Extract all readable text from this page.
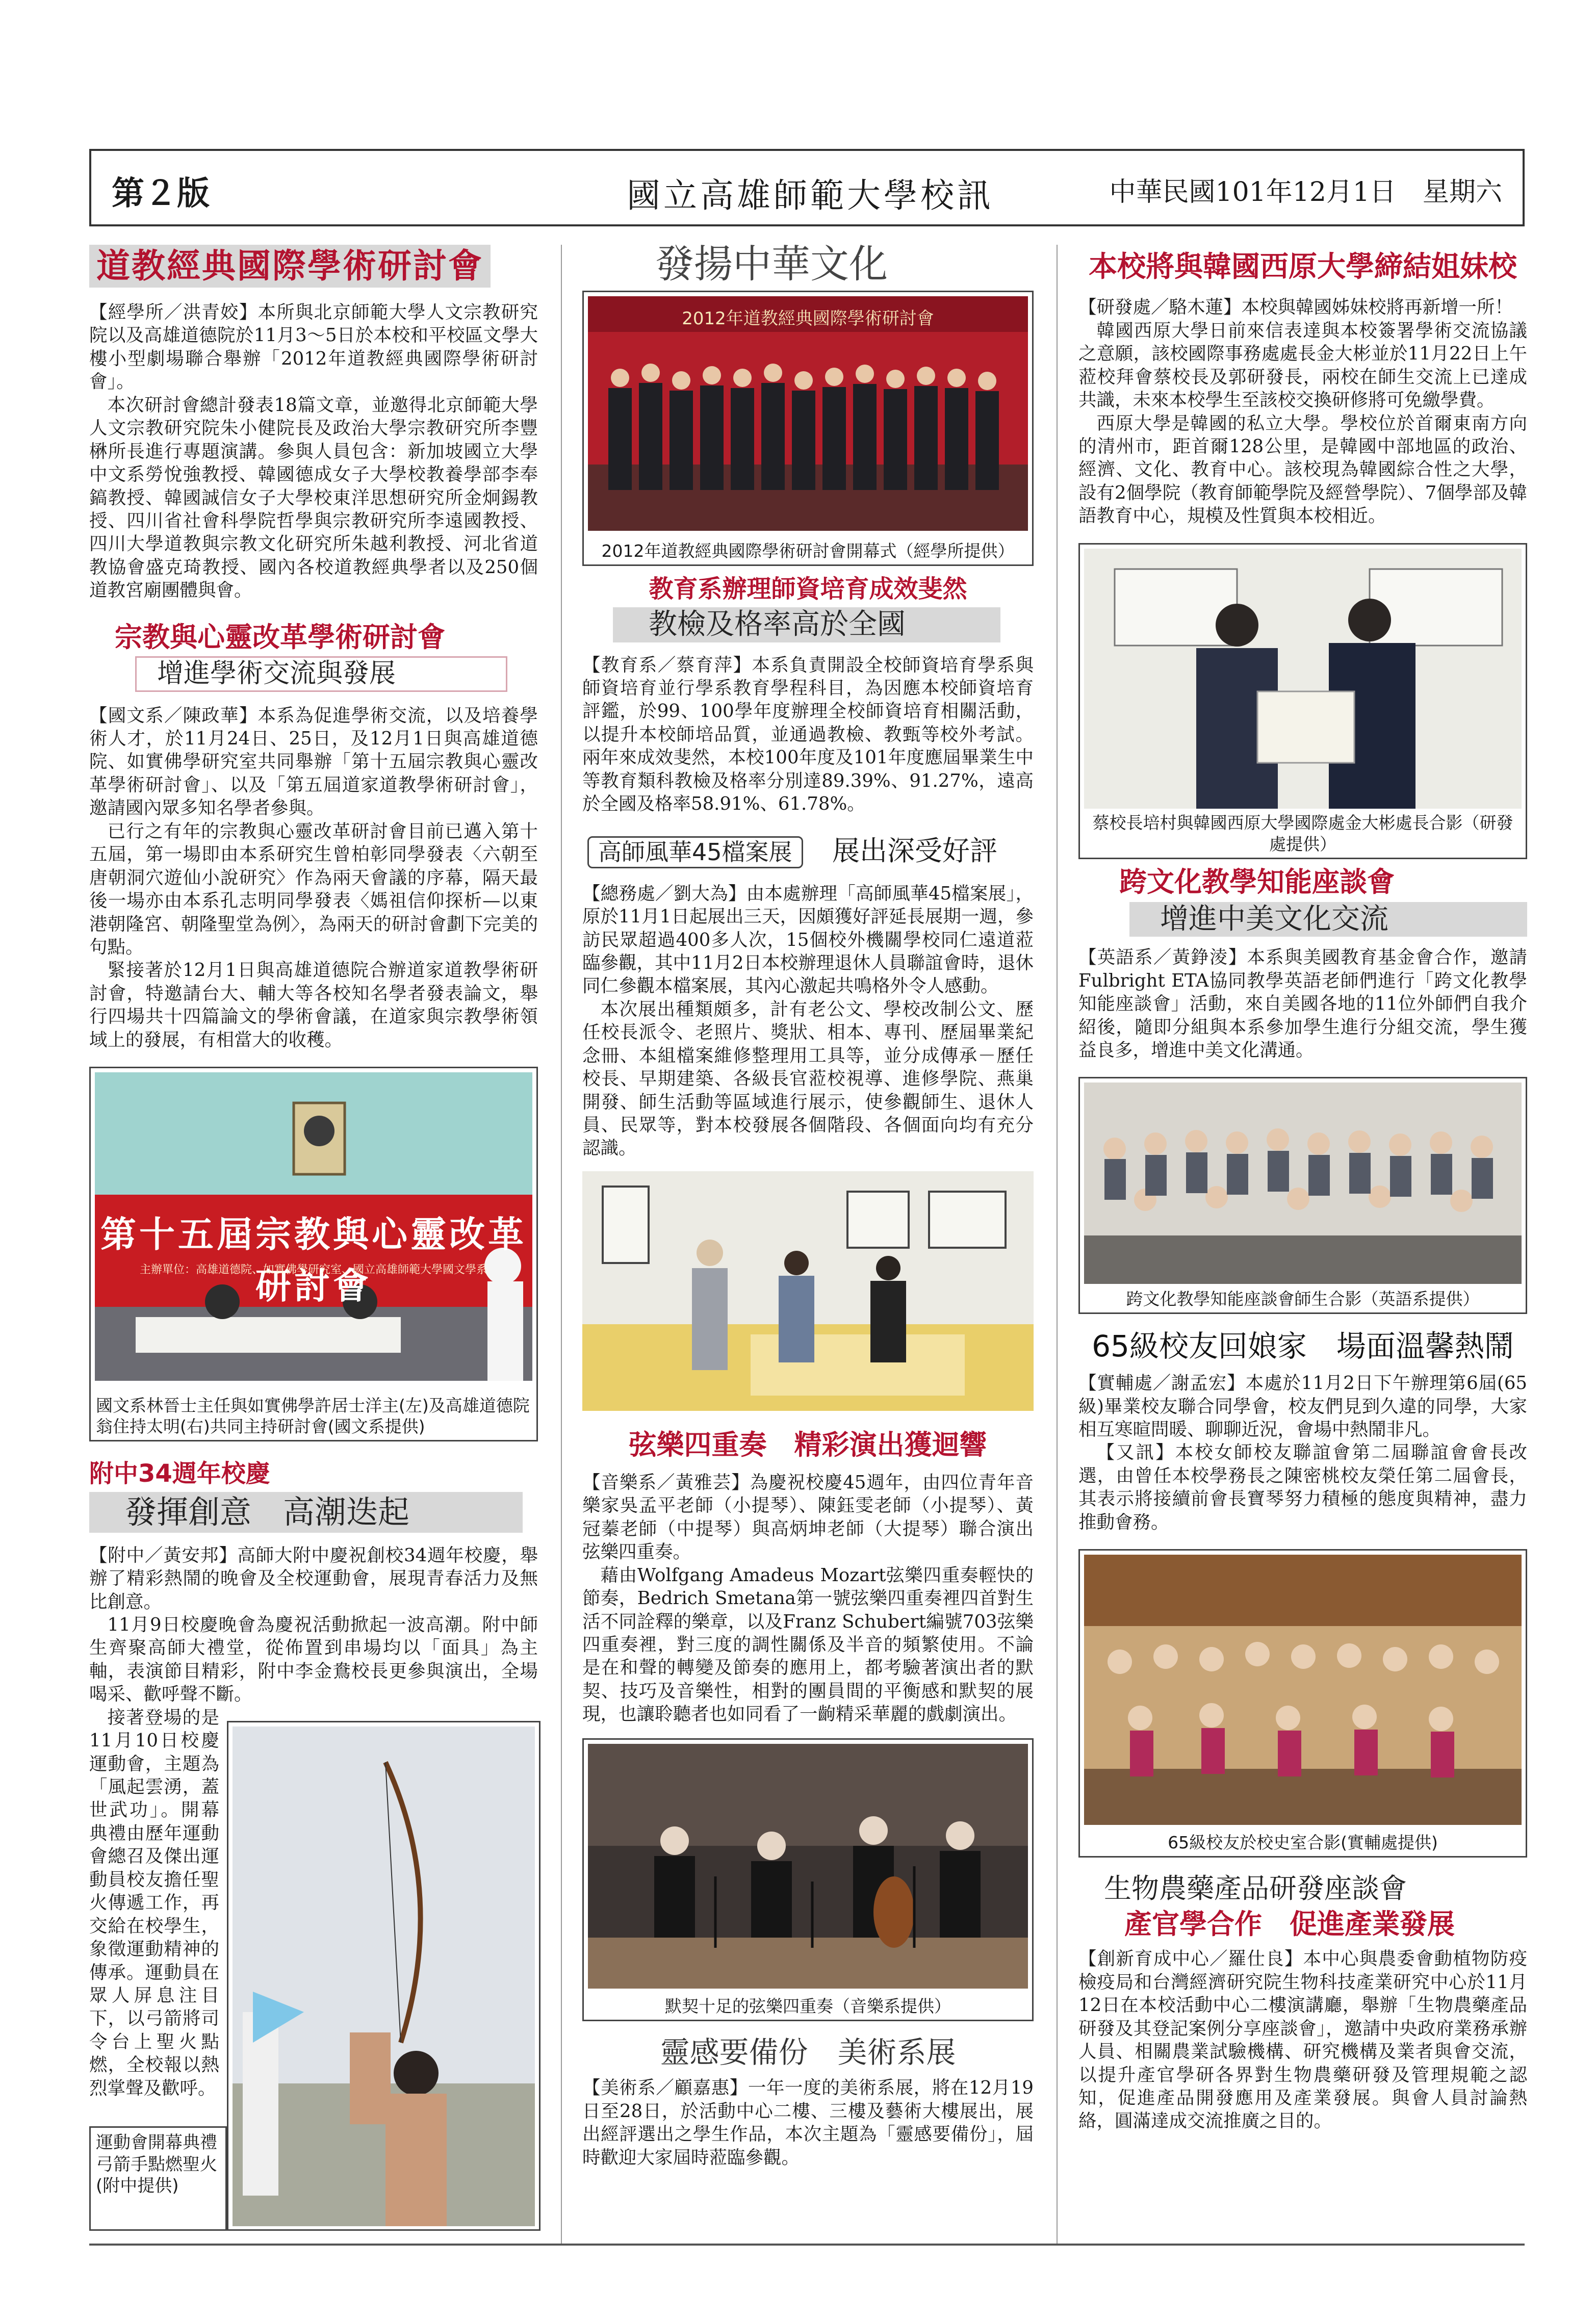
第２版	國立高雄師範大學校訊	中華民國101年12月1日　星期六
道教經典國際學術研討會	發揚中華文化

【經學所／洪青姣】本所與北京師範大學人文宗教研究院以及高雄道德院於11月3～5日於本校和平校區文學大樓小型劇場聯合舉辦「2012年道教經典國際學術研討會」。

本次研討會總計發表18篇文章，並邀得北京師範大學人文宗教研究院朱小健院長及政治大學宗教研究所李豐楙所長進行專題演講。參與人員包含：新加坡國立大學中文系勞悅強教授、韓國德成女子大學校教養學部李奉鎬教授、韓國誠信女子大學校東洋思想研究所金炯錫教授、四川省社會科學院哲學與宗教研究所李遠國教授、四川大學道教與宗教文化研究所朱越利教授、河北省道教協會盛克琦教授、國內各校道教經典學者以及250個道教宮廟團體與會。

宗教與心靈改革學術研討會
增進學術交流與發展

【國文系／陳政華】本系為促進學術交流，以及培養學術人才，於11月24日、25日，及12月1日與高雄道德院、如實佛學研究室共同舉辦「第十五屆宗教與心靈改革學術研討會」、以及「第五屆道家道教學術研討會」，邀請國內眾多知名學者參與。

已行之有年的宗教與心靈改革研討會目前已邁入第十五屆，第一場即由本系研究生曾柏彰同學發表〈六朝至唐朝洞穴遊仙小說研究〉作為兩天會議的序幕，隔天最後一場亦由本系孔志明同學發表〈媽祖信仰探析—以東港朝隆宮、朝隆聖堂為例〉，為兩天的研討會劃下完美的句點。

緊接著於12月1日與高雄道德院合辦道家道教學術研討會，特邀請台大、輔大等各校知名學者發表論文，舉行四場共十四篇論文的學術會議，在道家與宗教學術領域上的發展，有相當大的收穫。

第十五屆宗教與心靈改革研討會
主辦單位：高雄道德院、如實佛學研究室、國立高雄師範大學國文學系
國文系林晉士主任與如實佛學許居士洋主(左)及高雄道德院翁住持太明(右)共同主持研討會(國文系提供)
附中34週年校慶
發揮創意　高潮迭起

【附中／黃安邦】高師大附中慶祝創校34週年校慶，舉辦了精彩熱鬧的晚會及全校運動會，展現青春活力及無比創意。

11月9日校慶晚會為慶祝活動掀起一波高潮。附中師生齊聚高師大禮堂，從佈置到串場均以「面具」為主軸，表演節目精彩，附中李金鴦校長更參與演出，全場喝采、歡呼聲不斷。

接著登場的是11月10日校慶運動會，主題為「風起雲湧，蓋世武功」。開幕典禮由歷年運動會總召及傑出運動員校友擔任聖火傳遞工作，再交給在校學生，象徵運動精神的傳承。運動員在眾人屏息注目下，以弓箭將司令台上聖火點燃，全校報以熱烈掌聲及歡呼。

運動會開幕典禮弓箭手點燃聖火(附中提供)
2012年道教經典國際學術研討會
2012年道教經典國際學術研討會開幕式（經學所提供）
教育系辦理師資培育成效斐然
教檢及格率高於全國

【教育系／蔡育萍】本系負責開設全校師資培育學系與師資培育並行學系教育學程科目，為因應本校師資培育評鑑，於99、100學年度辦理全校師資培育相關活動，以提升本校師培品質，並通過教檢、教甄等校外考試。兩年來成效斐然，本校100年度及101年度應屆畢業生中等教育類科教檢及格率分別達89.39%、91.27%，遠高於全國及格率58.91%、61.78%。

高師風華45檔案展	展出深受好評

【總務處／劉大為】由本處辦理「高師風華45檔案展」，原於11月1日起展出三天，因頗獲好評延長展期一週，參訪民眾超過400多人次，15個校外機關學校同仁遠道蒞臨參觀，其中11月2日本校辦理退休人員聯誼會時，退休同仁參觀本檔案展，其內心激起共鳴格外令人感動。

本次展出種類頗多，計有老公文、學校改制公文、歷任校長派令、老照片、獎狀、相本、專刊、歷屆畢業紀念冊、本組檔案維修整理用工具等，並分成傳承－歷任校長、早期建築、各級長官蒞校視導、進修學院、燕巢開發、師生活動等區域進行展示，使參觀師生、退休人員、民眾等，對本校發展各個階段、各個面向均有充分認識。

弦樂四重奏　精彩演出獲迴響

【音樂系／黃雅芸】為慶祝校慶45週年，由四位青年音樂家吳孟平老師（小提琴）、陳鈺雯老師（小提琴）、黃冠蓁老師（中提琴）與高炳坤老師（大提琴）聯合演出弦樂四重奏。

藉由Wolfgang Amadeus Mozart弦樂四重奏輕快的節奏，Bedrich Smetana第一號弦樂四重奏裡四首對生活不同詮釋的樂章，以及Franz Schubert編號703弦樂四重奏裡，對三度的調性關係及半音的頻繁使用。不論是在和聲的轉變及節奏的應用上，都考驗著演出者的默契、技巧及音樂性，相對的團員間的平衡感和默契的展現，也讓聆聽者也如同看了一齣精采華麗的戲劇演出。

默契十足的弦樂四重奏（音樂系提供）
靈感要備份　美術系展

【美術系／顧嘉惠】一年一度的美術系展，將在12月19日至28日，於活動中心二樓、三樓及藝術大樓展出，展出經評選出之學生作品，本次主題為「靈感要備份」，屆時歡迎大家屆時蒞臨參觀。

本校將與韓國西原大學締結姐妹校

【研發處／駱木蓮】本校與韓國姊妹校將再新增一所！

韓國西原大學日前來信表達與本校簽署學術交流協議之意願，該校國際事務處處長金大彬並於11月22日上午蒞校拜會蔡校長及郭研發長，兩校在師生交流上已達成共識，未來本校學生至該校交換研修將可免繳學費。

西原大學是韓國的私立大學。學校位於首爾東南方向的清州市，距首爾128公里，是韓國中部地區的政治、經濟、文化、教育中心。該校現為韓國綜合性之大學，設有2個學院（教育師範學院及經營學院）、7個學部及韓語教育中心，規模及性質與本校相近。

蔡校長培村與韓國西原大學國際處金大彬處長合影（研發處提供）
跨文化教學知能座談會
增進中美文化交流

【英語系／黃錚淩】本系與美國教育基金會合作，邀請Fulbright ETA協同教學英語老師們進行「跨文化教學知能座談會」活動，來自美國各地的11位外師們自我介紹後，隨即分組與本系參加學生進行分組交流，學生獲益良多，增進中美文化溝通。

跨文化教學知能座談會師生合影（英語系提供）
65級校友回娘家　場面溫馨熱鬧

【實輔處／謝孟宏】本處於11月2日下午辦理第6屆(65級)畢業校友聯合同學會，校友們見到久違的同學，大家相互寒暄問暖、聊聊近況，會場中熱鬧非凡。

【又訊】本校女師校友聯誼會第二屆聯誼會會長改選，由曾任本校學務長之陳密桃校友榮任第二屆會長，其表示將接續前會長寶琴努力積極的態度與精神，盡力推動會務。

65級校友於校史室合影(實輔處提供)
生物農藥產品研發座談會
產官學合作　促進產業發展

【創新育成中心／羅仕良】本中心與農委會動植物防疫檢疫局和台灣經濟研究院生物科技產業研究中心於11月12日在本校活動中心二樓演講廳，舉辦「生物農藥產品研發及其登記案例分享座談會」，邀請中央政府業務承辦人員、相關農業試驗機構、研究機構及業者與會交流，以提升產官學研各界對生物農藥研發及管理規範之認知，促進產品開發應用及產業發展。與會人員討論熱絡，圓滿達成交流推廣之目的。
